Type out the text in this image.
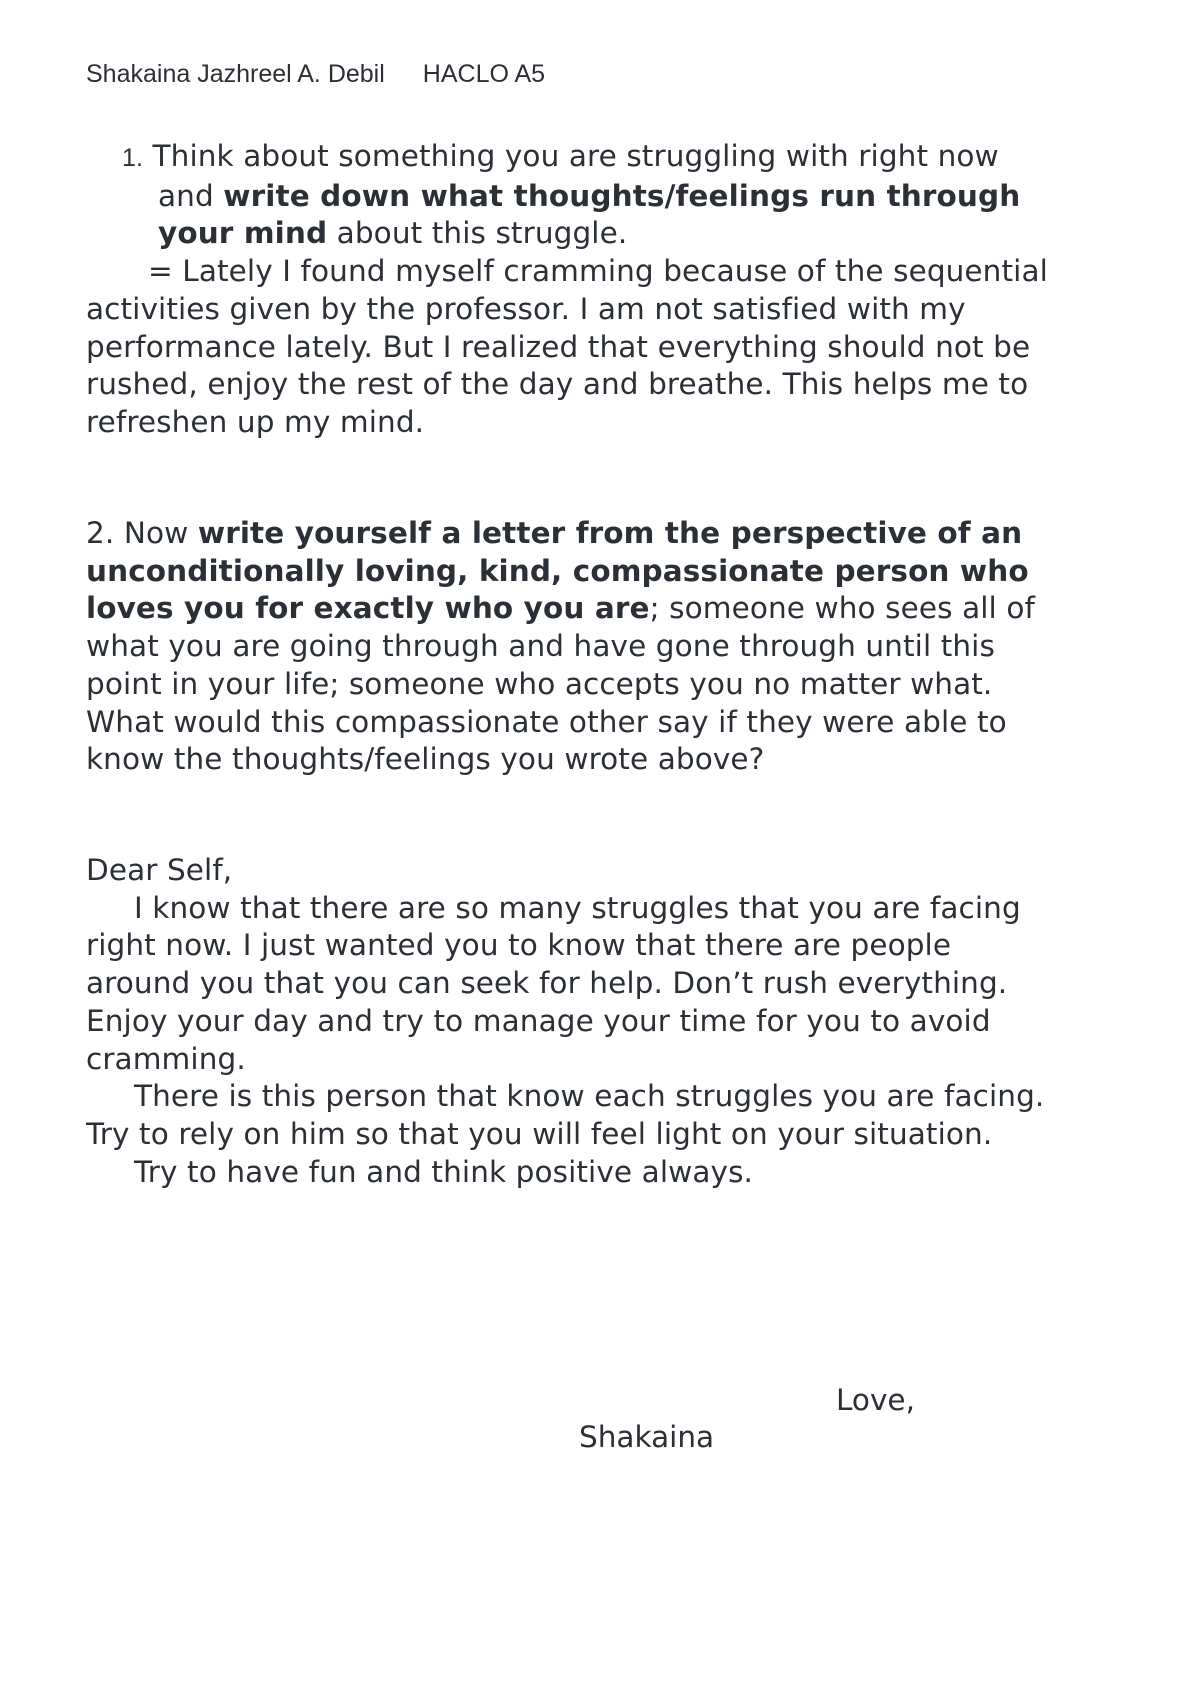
Shakaina Jazhreel A. Debil HACLO A5
1. Think about something you are struggling with right now
and write down what thoughts/feelings run through
your mind about this struggle.
= Lately I found myself cramming because of the sequential
activities given by the professor. I am not satisfied with my
performance lately. But I realized that everything should not be
rushed, enjoy the rest of the day and breathe. This helps me to
refreshen up my mind.
2. Now write yourself a letter from the perspective of an
unconditionally loving, kind, compassionate person who
loves you for exactly who you are; someone who sees all of
what you are going through and have gone through until this
point in your life; someone who accepts you no matter what.
What would this compassionate other say if they were able to
know the thoughts/feelings you wrote above?
Dear Self,
I know that there are so many struggles that you are facing
right now. I just wanted you to know that there are people
around you that you can seek for help. Don’t rush everything.
Enjoy your day and try to manage your time for you to avoid
cramming.
There is this person that know each struggles you are facing.
Try to rely on him so that you will feel light on your situation.
Try to have fun and think positive always.
Love,
Shakaina
